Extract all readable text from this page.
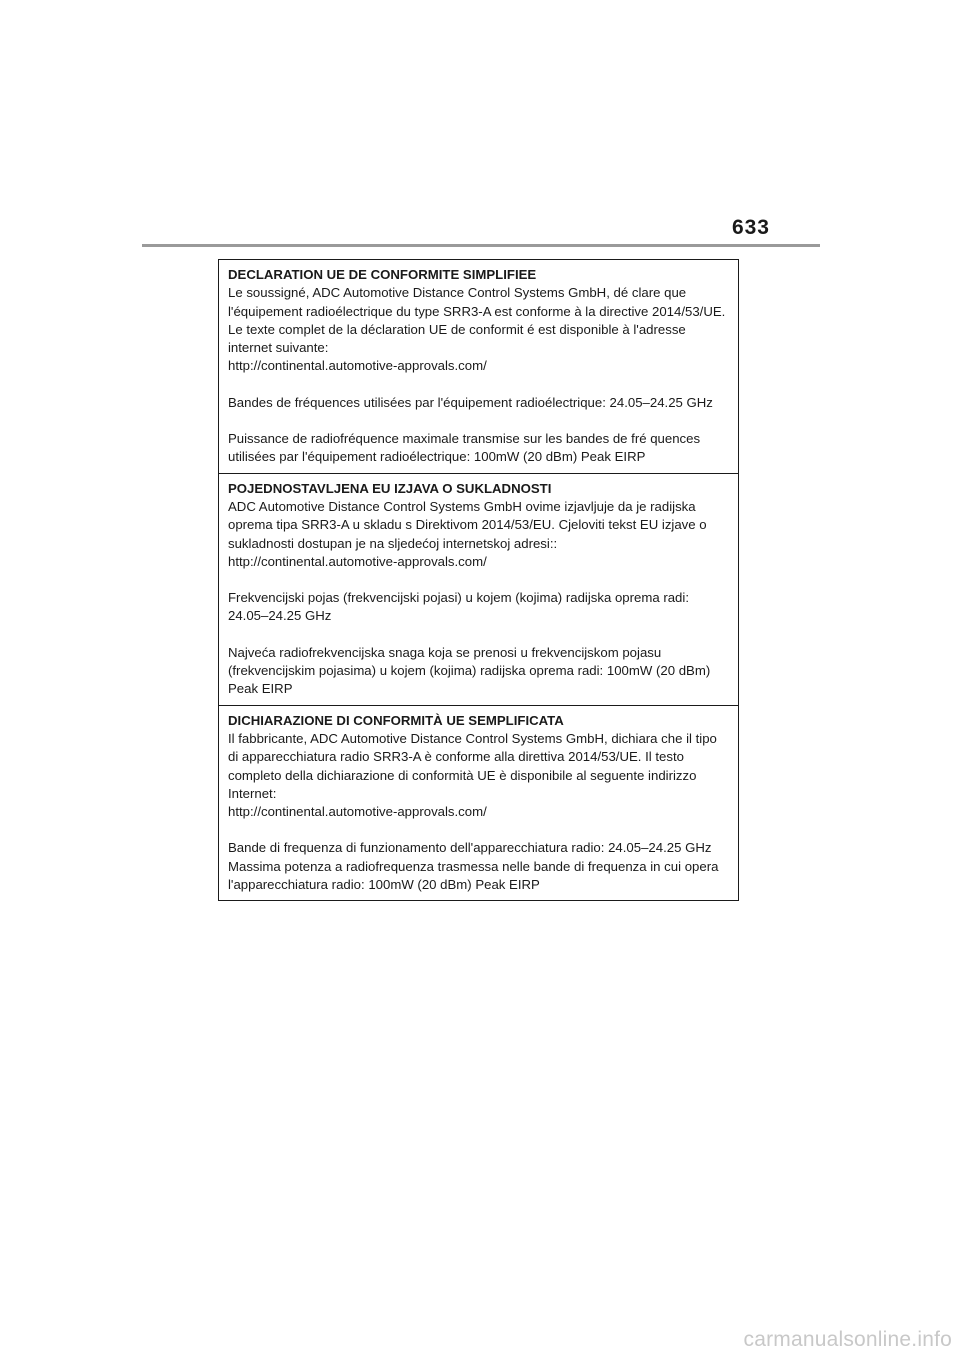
633

DECLARATION UE DE CONFORMITE SIMPLIFIEE

Le soussigné, ADC Automotive Distance Control Systems GmbH, dé clare que l'équipement radioélectrique du type SRR3-A est conforme à la directive 2014/53/UE. Le texte complet de la déclaration UE de conformit é est disponible à l'adresse internet suivante:
http://continental.automotive-approvals.com/

Bandes de fréquences utilisées par l'équipement radioélectrique: 24.05–24.25 GHz

Puissance de radiofréquence maximale transmise sur les bandes de fré quences utilisées par l'équipement radioélectrique: 100mW (20 dBm) Peak EIRP

POJEDNOSTAVLJENA EU IZJAVA O SUKLADNOSTI

ADC Automotive Distance Control Systems GmbH ovime izjavljuje da je radijska oprema tipa SRR3-A u skladu s Direktivom 2014/53/EU. Cjeloviti tekst EU izjave o sukladnosti dostupan je na sljedećoj internetskoj adresi::
http://continental.automotive-approvals.com/

Frekvencijski pojas (frekvencijski pojasi) u kojem (kojima) radijska oprema radi: 24.05–24.25 GHz

Najveća radiofrekvencijska snaga koja se prenosi u frekvencijskom pojasu (frekvencijskim pojasima) u kojem (kojima) radijska oprema radi: 100mW (20 dBm) Peak EIRP

DICHIARAZIONE DI CONFORMITÀ UE SEMPLIFICATA

Il fabbricante, ADC Automotive Distance Control Systems GmbH, dichiara che il tipo di apparecchiatura radio SRR3-A è conforme alla direttiva 2014/53/UE. Il testo completo della dichiarazione di conformità UE è disponibile al seguente indirizzo Internet:
http://continental.automotive-approvals.com/

Bande di frequenza di funzionamento dell'apparecchiatura radio: 24.05–24.25 GHz

Massima potenza a radiofrequenza trasmessa nelle bande di frequenza in cui opera l'apparecchiatura radio: 100mW (20 dBm) Peak EIRP

carmanualsonline.info
